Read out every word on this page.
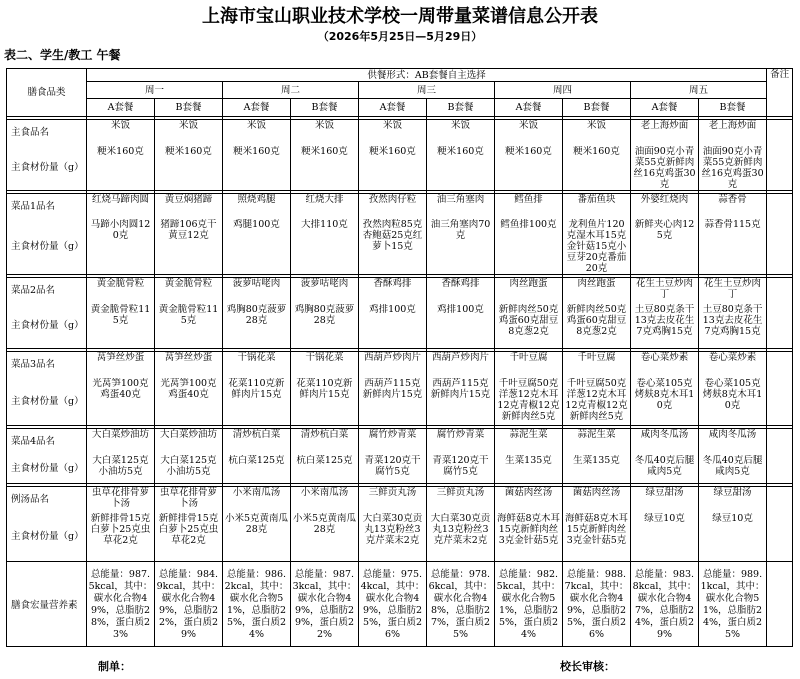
上海市宝山职业技术学校一周带量菜谱信息公开表
（2026年5月25日—5月29日）
表二、学生/教工 午餐
膳食品类	供餐形式：AB套餐自主选择										备注
	周一		周二		周三		周四		周五		
	A套餐	B套餐	A套餐	B套餐	A套餐	B套餐	A套餐	B套餐	A套餐	B套餐	

主食品名	米饭	米饭	米饭	米饭	米饭	米饭	米饭	米饭	老上海炒面	老上海炒面	
主食材份量（g）	粳米160克	粳米160克	粳米160克	粳米160克	粳米160克	粳米160克	粳米160克	粳米160克	油面90克小青菜55克新鲜肉丝16克鸡蛋30克	油面90克小青菜55克新鲜肉丝16克鸡蛋30克	

菜品1品名	红烧马蹄肉圆	黄豆焖猪蹄	照烧鸡腿	红烧大排	孜然肉仔粒	油三角塞肉	鳕鱼排	番茄鱼块	外婆红烧肉	蒜香骨	
主食材份量（g）	马蹄小肉圆120克	猪蹄106克干黄豆12克	鸡腿100克	大排110克	孜然肉粒85克杏鲍菇25克红萝卜15克	油三角塞肉70克	鳕鱼排100克	龙利鱼片120克湿木耳15克金针菇15克小豆芽20克番茄20克	新鲜夹心肉125克	蒜香骨115克	

菜品2品名	黄金脆骨粒	黄金脆骨粒	菠萝咕咾肉	菠萝咕咾肉	香酥鸡排	香酥鸡排	肉丝跑蛋	肉丝跑蛋	花生土豆炒肉丁	花生土豆炒肉丁	
主食材份量（g）	黄金脆骨粒115克	黄金脆骨粒115克	鸡胸80克菠萝28克	鸡胸80克菠萝28克	鸡排100克	鸡排100克	新鲜肉丝50克鸡蛋60克甜豆8克葱2克	新鲜肉丝50克鸡蛋60克甜豆8克葱2克	土豆80克条干13克去皮花生7克鸡胸15克	土豆80克条干13克去皮花生7克鸡胸15克	

菜品3品名	莴笋丝炒蛋	莴笋丝炒蛋	干锅花菜	干锅花菜	西葫芦炒肉片	西葫芦炒肉片	千叶豆腐	千叶豆腐	卷心菜炒素	卷心菜炒素	
主食材份量（g）	光莴笋100克鸡蛋40克	光莴笋100克鸡蛋40克	花菜110克新鲜肉片15克	花菜110克新鲜肉片15克	西葫芦115克新鲜肉片15克	西葫芦115克新鲜肉片15克	千叶豆腐50克洋葱12克木耳12克青椒12克新鲜肉丝5克	千叶豆腐50克洋葱12克木耳12克青椒12克新鲜肉丝5克	卷心菜105克烤麸8克木耳10克	卷心菜105克烤麸8克木耳10克	

菜品4品名	大白菜炒油坊	大白菜炒油坊	清炒杭白菜	清炒杭白菜	腐竹炒青菜	腐竹炒青菜	蒜泥生菜	蒜泥生菜	咸肉冬瓜汤	咸肉冬瓜汤	
主食材份量（g）	大白菜125克小油坊5克	大白菜125克小油坊5克	杭白菜125克	杭白菜125克	青菜120克干腐竹5克	青菜120克干腐竹5克	生菜135克	生菜135克	冬瓜40克后腿咸肉5克	冬瓜40克后腿咸肉5克	

例汤品名	虫草花排骨萝卜汤	虫草花排骨萝卜汤	小米南瓜汤	小米南瓜汤	三鲜贡丸汤	三鲜贡丸汤	菌菇肉丝汤	菌菇肉丝汤	绿豆甜汤	绿豆甜汤	
主食材份量（g）	新鲜排骨15克白萝卜25克虫草花2克	新鲜排骨15克白萝卜25克虫草花2克	小米5克黄南瓜28克	小米5克黄南瓜28克	大白菜30克贡丸13克粉丝3克芹菜末2克	大白菜30克贡丸13克粉丝3克芹菜末2克	海鲜菇8克木耳15克新鲜肉丝3克金针菇5克	海鲜菇8克木耳15克新鲜肉丝3克金针菇5克	绿豆10克	绿豆10克	

膳食宏量营养素	总能量：987.5kcal，其中：碳水化合物49%，总脂肪28%，蛋白质23%	总能量：984.9kcal，其中：碳水化合物49%，总脂肪22%，蛋白质29%	总能量：986.2kcal，其中：碳水化合物51%，总脂肪25%，蛋白质24%	总能量：987.3kcal，其中：碳水化合物49%，总脂肪29%，蛋白质22%	总能量：975.4kcal，其中：碳水化合物49%，总脂肪25%，蛋白质26%	总能量：978.6kcal，其中：碳水化合物48%，总脂肪27%，蛋白质25%	总能量：982.5kcal，其中：碳水化合物51%，总脂肪25%，蛋白质24%	总能量：988.7kcal，其中：碳水化合物49%，总脂肪25%，蛋白质26%	总能量：983.8kcal，其中：碳水化合物47%，总脂肪24%，蛋白质29%	总能量：989.1kcal，其中：碳水化合物51%，总脂肪24%，蛋白质25%	
制单：	校长审核：
